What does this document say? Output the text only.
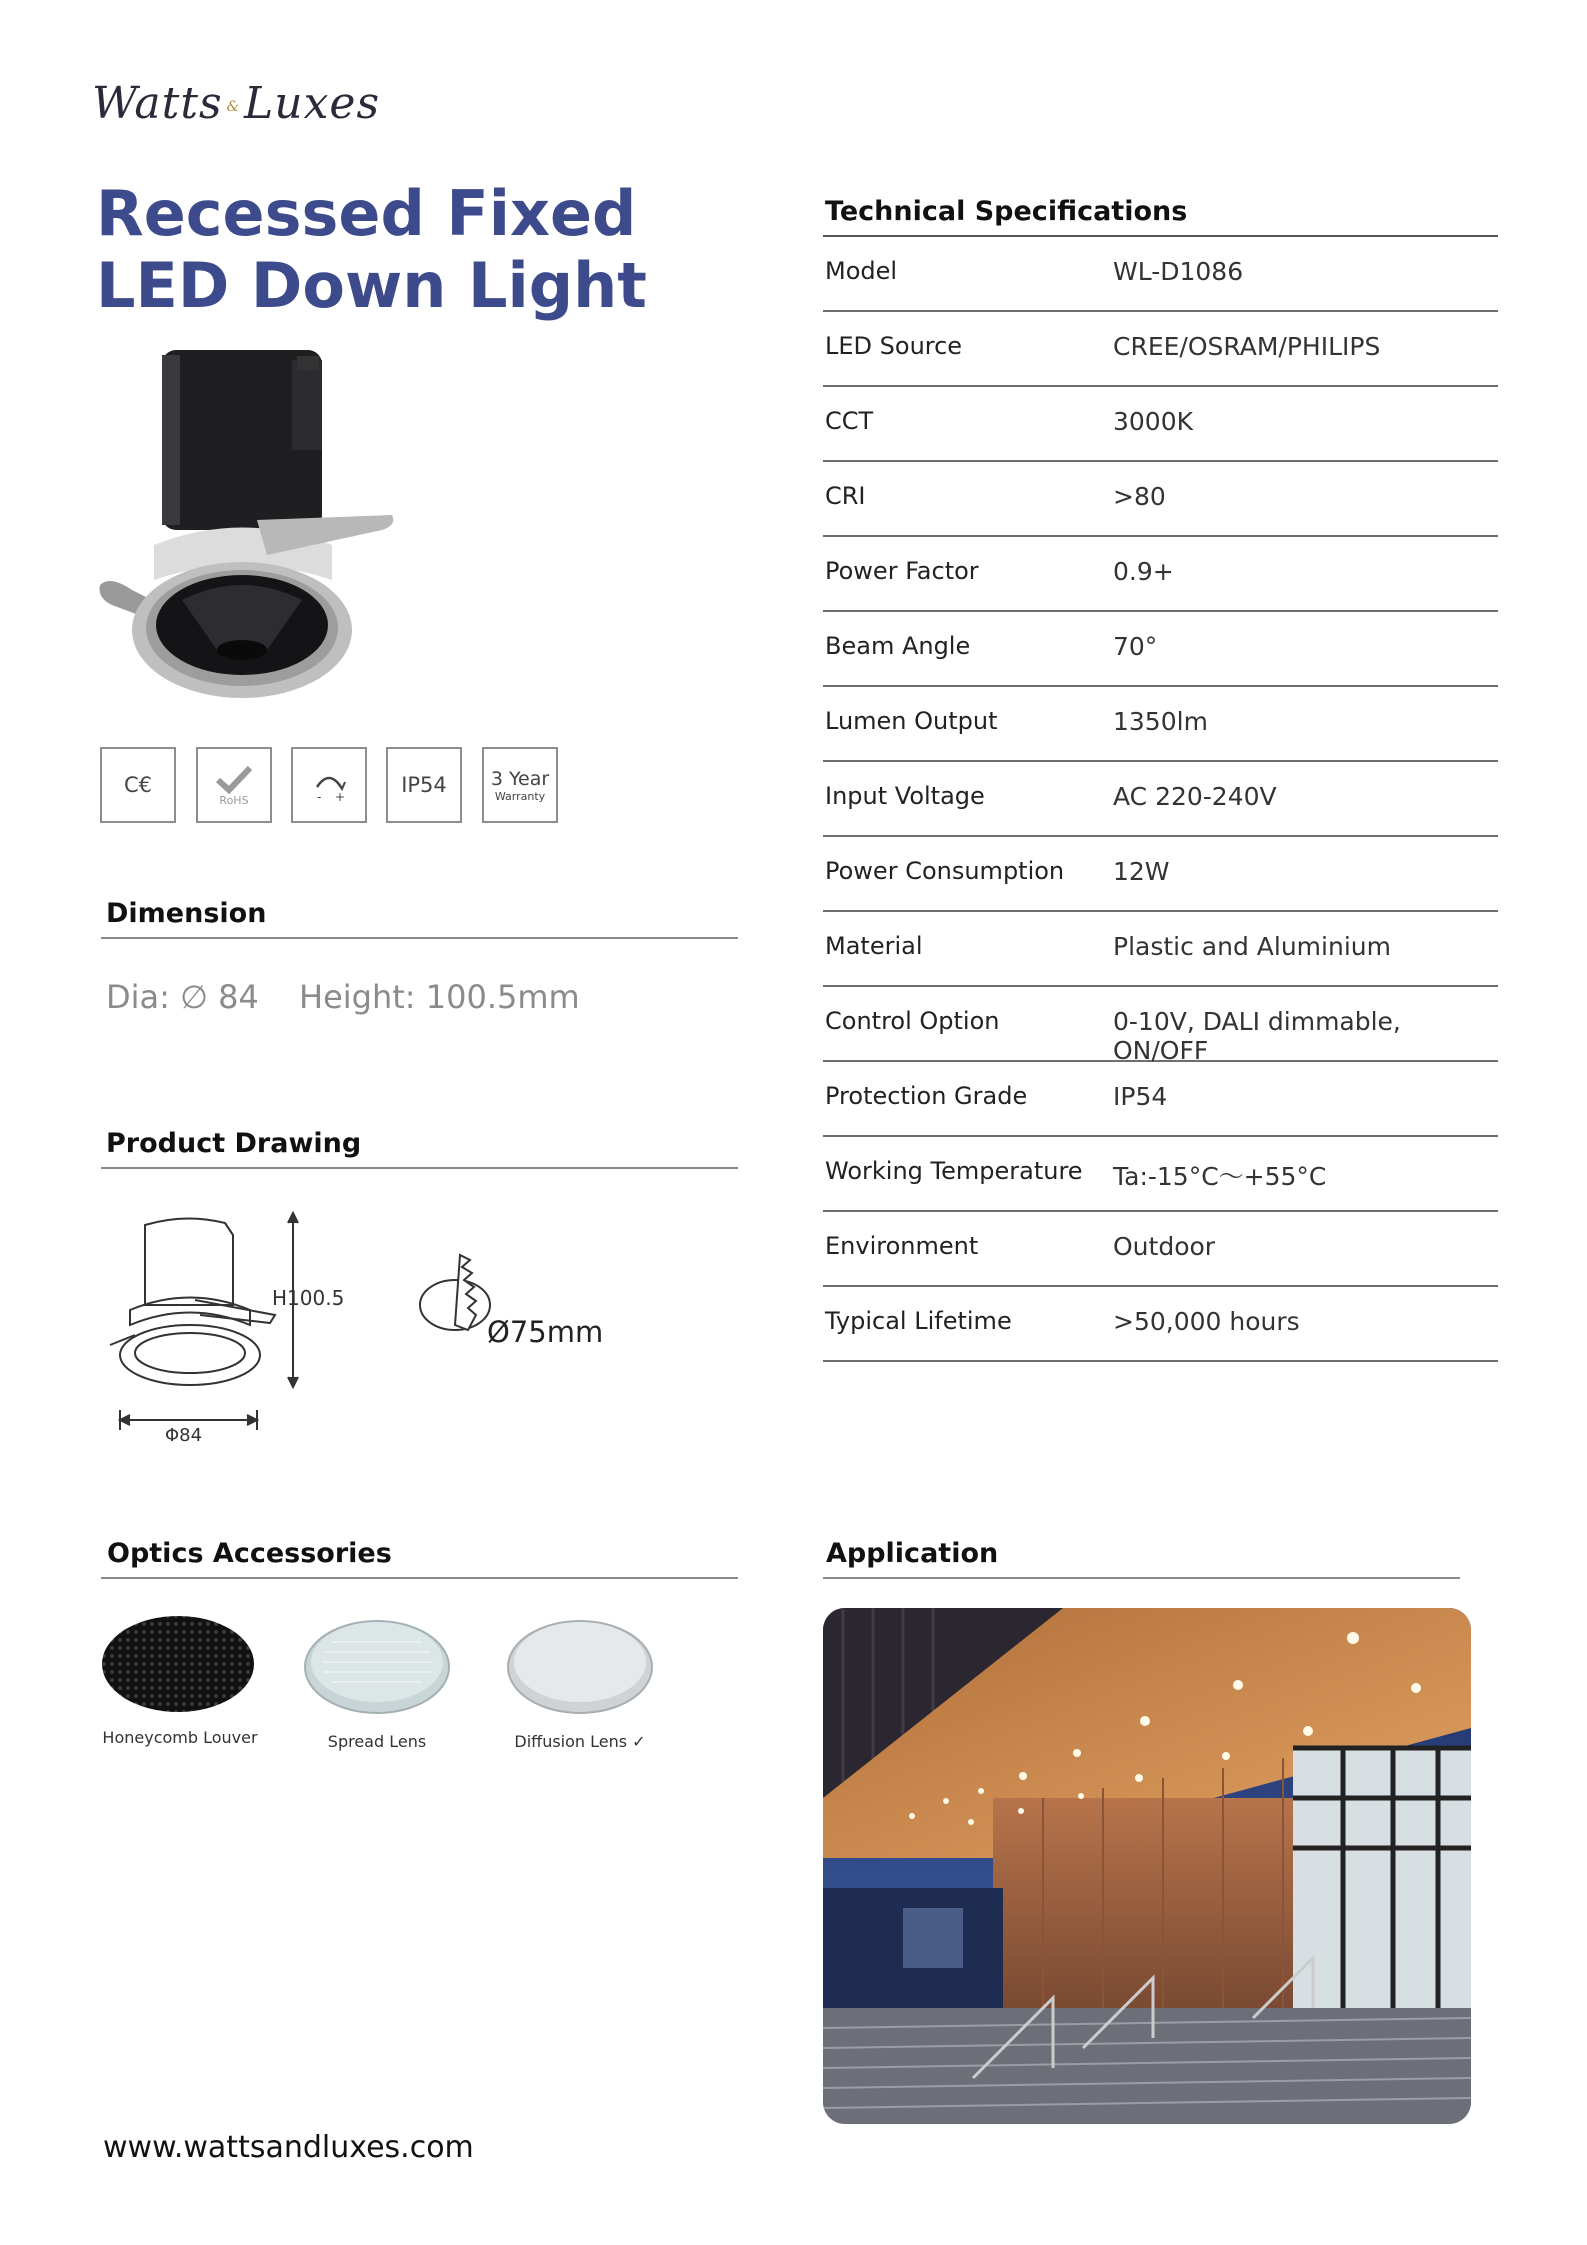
Watts &Luxes
Recessed Fixed
LED Down Light
C€
RoHS	- +	IP54 3 Year
Warranty
Dimension
Dia: ∅ 84 Height: 100.5mm
Product Drawing
H100.5
Φ84
Ø75mm
Technical Specifications
Model	WL-D1086
LED Source	CREE/OSRAM/PHILIPS
CCT	3000K
CRI	>80
Power Factor	0.9+
Beam Angle	70°
Lumen Output	1350lm
Input Voltage	AC 220-240V
Power Consumption 12W
Material	Plastic and Aluminium
Control Option	0-10V, DALI dimmable, ON/OFF
Protection Grade	IP54
Working Temperature Ta:-15°C～+55°C
Environment	Outdoor
Typical Lifetime	>50,000 hours
Optics Accessories
Honeycomb Louver	Spread Lens	Diffusion Lens ✓
Application
www.wattsandluxes.com
